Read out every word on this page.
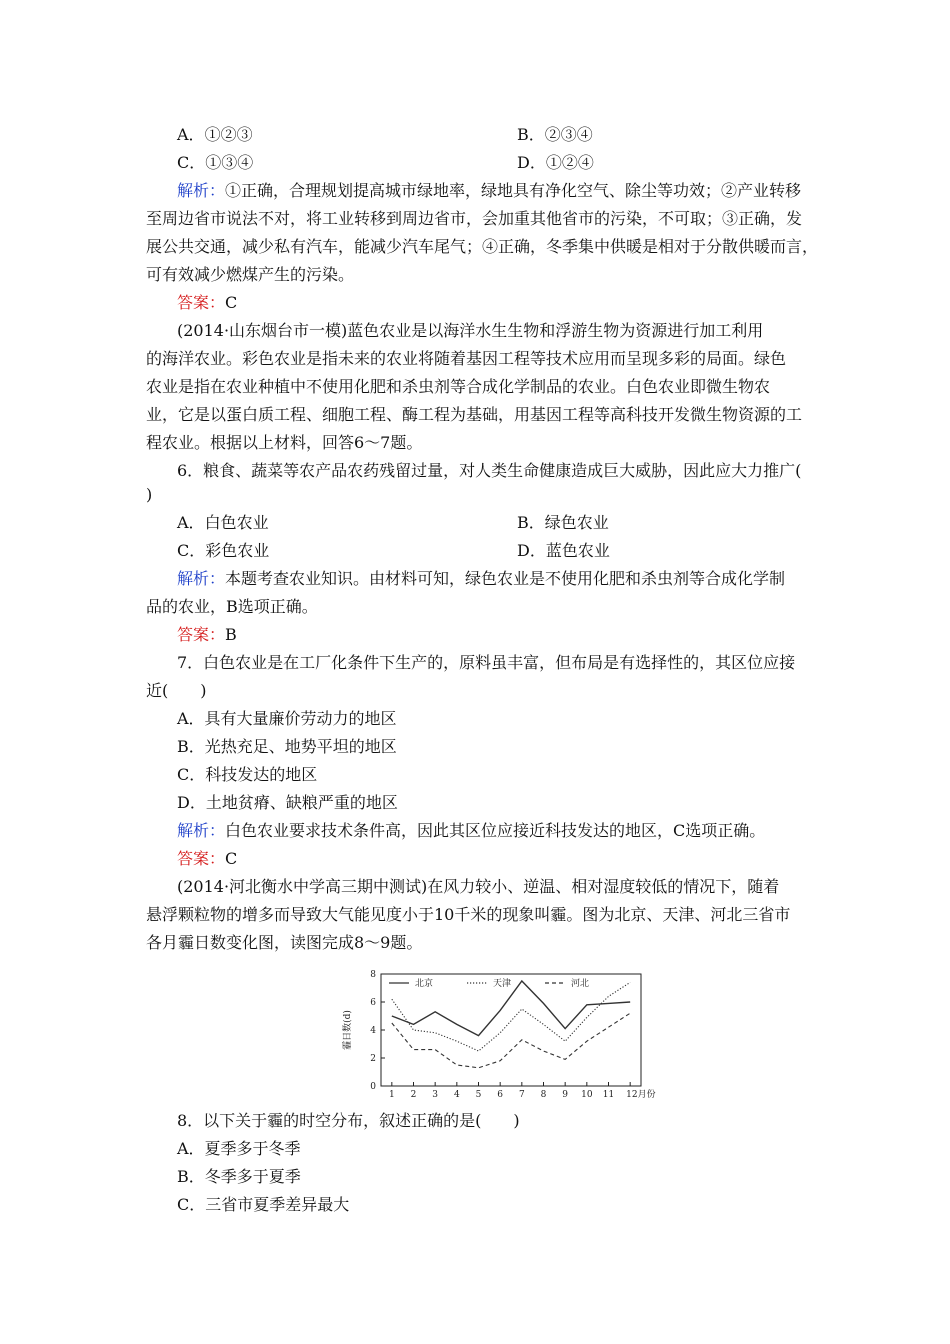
A．①②③	B．②③④
C．①③④	D．①②④
解析：①正确，合理规划提高城市绿地率，绿地具有净化空气、除尘等功效；②产业转移
至周边省市说法不对，将工业转移到周边省市，会加重其他省市的污染，不可取；③正确，发
展公共交通，减少私有汽车，能减少汽车尾气；④正确，冬季集中供暖是相对于分散供暖而言，
可有效减少燃煤产生的污染。
答案：C
(2014·山东烟台市一模)蓝色农业是以海洋水生生物和浮游生物为资源进行加工利用
的海洋农业。彩色农业是指未来的农业将随着基因工程等技术应用而呈现多彩的局面。绿色
农业是指在农业种植中不使用化肥和杀虫剂等合成化学制品的农业。白色农业即微生物农
业，它是以蛋白质工程、细胞工程、酶工程为基础，用基因工程等高科技开发微生物资源的工
程农业。根据以上材料，回答6～7题。
6．粮食、蔬菜等农产品农药残留过量，对人类生命健康造成巨大威胁，因此应大力推广(
)
A．白色农业	B．绿色农业
C．彩色农业	D．蓝色农业
解析：本题考查农业知识。由材料可知，绿色农业是不使用化肥和杀虫剂等合成化学制
品的农业，B选项正确。
答案：B
7．白色农业是在工厂化条件下生产的，原料虽丰富，但布局是有选择性的，其区位应接
近(　　)
A．具有大量廉价劳动力的地区
B．光热充足、地势平坦的地区
C．科技发达的地区
D．土地贫瘠、缺粮严重的地区
解析：白色农业要求技术条件高，因此其区位应接近科技发达的地区，C选项正确。
答案：C
(2014·河北衡水中学高三期中测试)在风力较小、逆温、相对湿度较低的情况下，随着
悬浮颗粒物的增多而导致大气能见度小于10千米的现象叫霾。图为北京、天津、河北三省市
各月霾日数变化图，读图完成8～9题。
0
2
4
6
8
1 2 3 4 5 6 7 8 9 10 11 12月份
霾日数(d)
北京	天津	河北
8．以下关于霾的时空分布，叙述正确的是(　　)
A．夏季多于冬季
B．冬季多于夏季
C．三省市夏季差异最大
